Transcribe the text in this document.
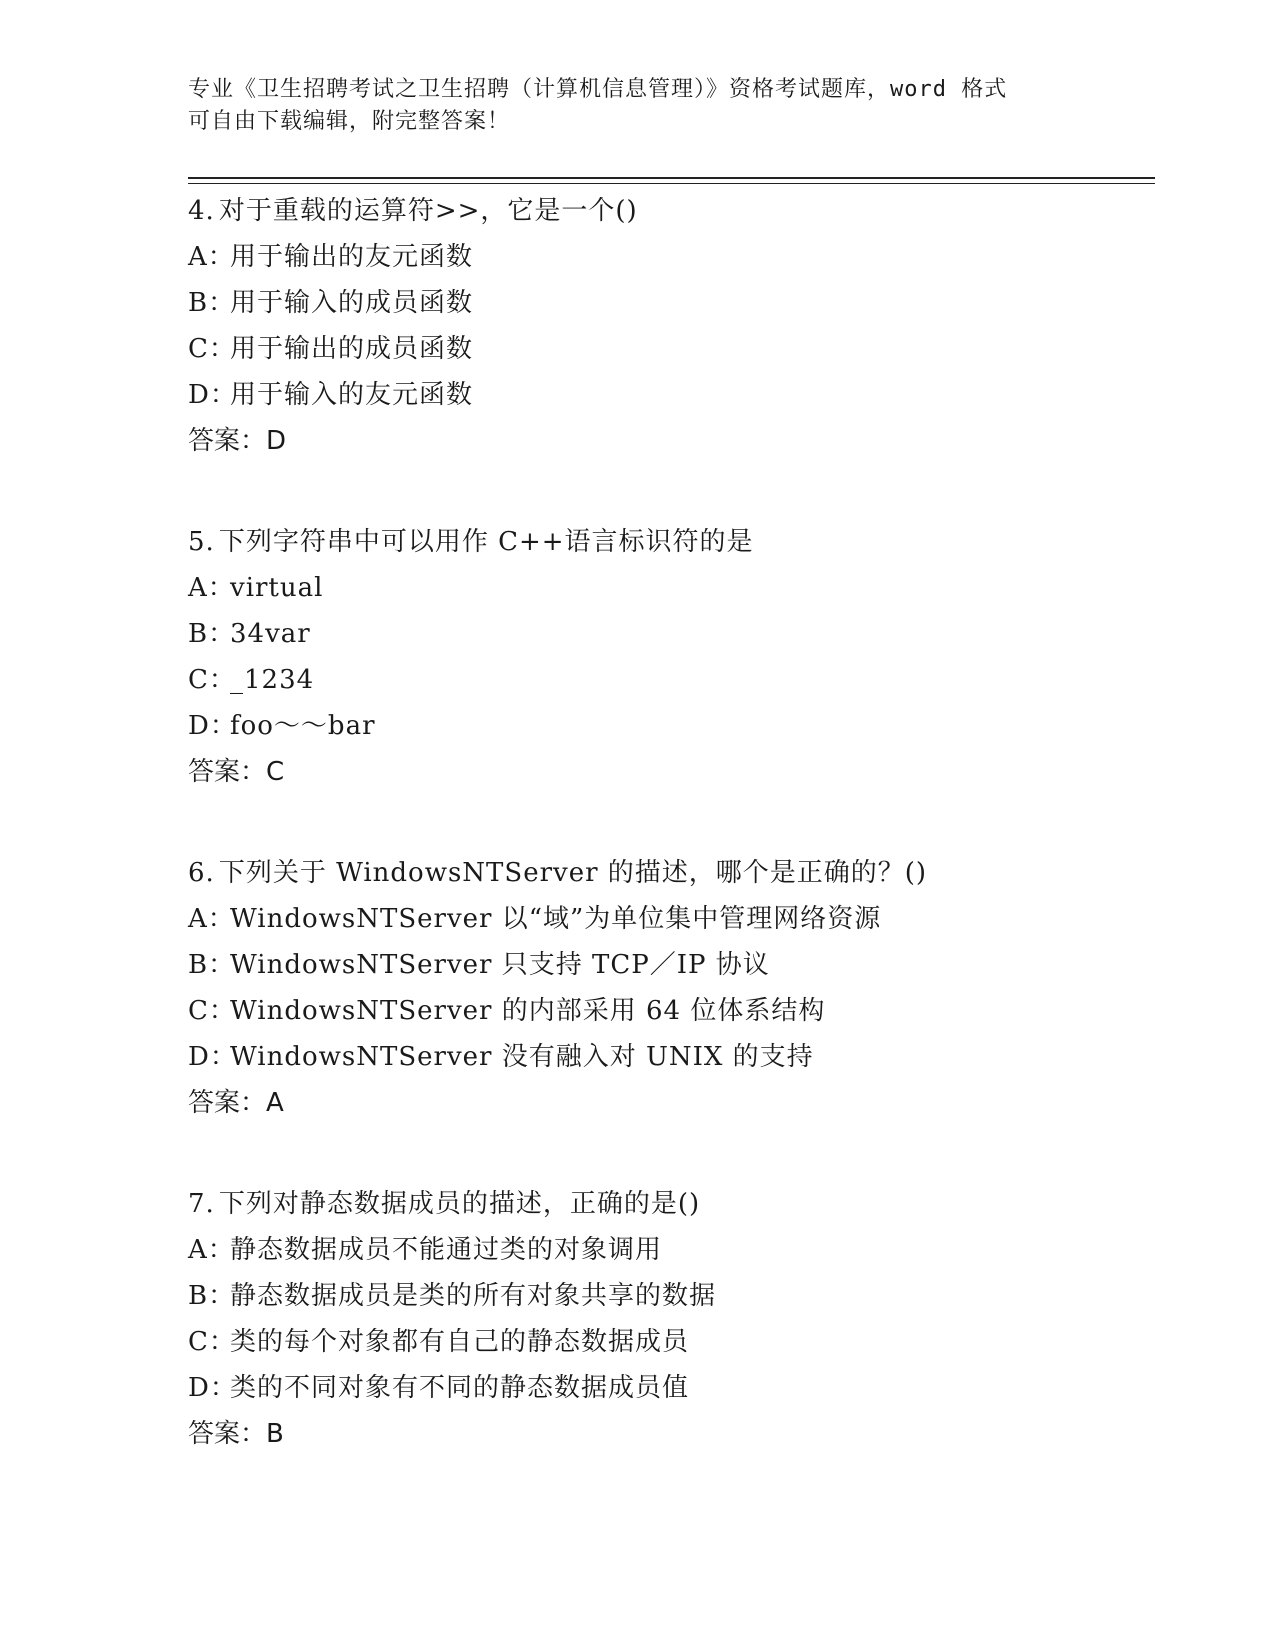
专业《卫生招聘考试之卫生招聘（计算机信息管理）》资格考试题库，word 格式
可自由下载编辑，附完整答案！
4. 对于重载的运算符>>，它是一个()
A：用于输出的友元函数
B：用于输入的成员函数
C：用于输出的成员函数
D：用于输入的友元函数
答案：D
5. 下列字符串中可以用作 C++语言标识符的是
A：virtual
B：34var
C：_1234
D：foo～～bar
答案：C
6. 下列关于 WindowsNTServer 的描述，哪个是正确的？()
A：WindowsNTServer 以“域”为单位集中管理网络资源
B：WindowsNTServer 只支持 TCP／IP 协议
C：WindowsNTServer 的内部采用 64 位体系结构
D：WindowsNTServer 没有融入对 UNIX 的支持
答案：A
7. 下列对静态数据成员的描述，正确的是()
A：静态数据成员不能通过类的对象调用
B：静态数据成员是类的所有对象共享的数据
C：类的每个对象都有自己的静态数据成员
D：类的不同对象有不同的静态数据成员值
答案：B
